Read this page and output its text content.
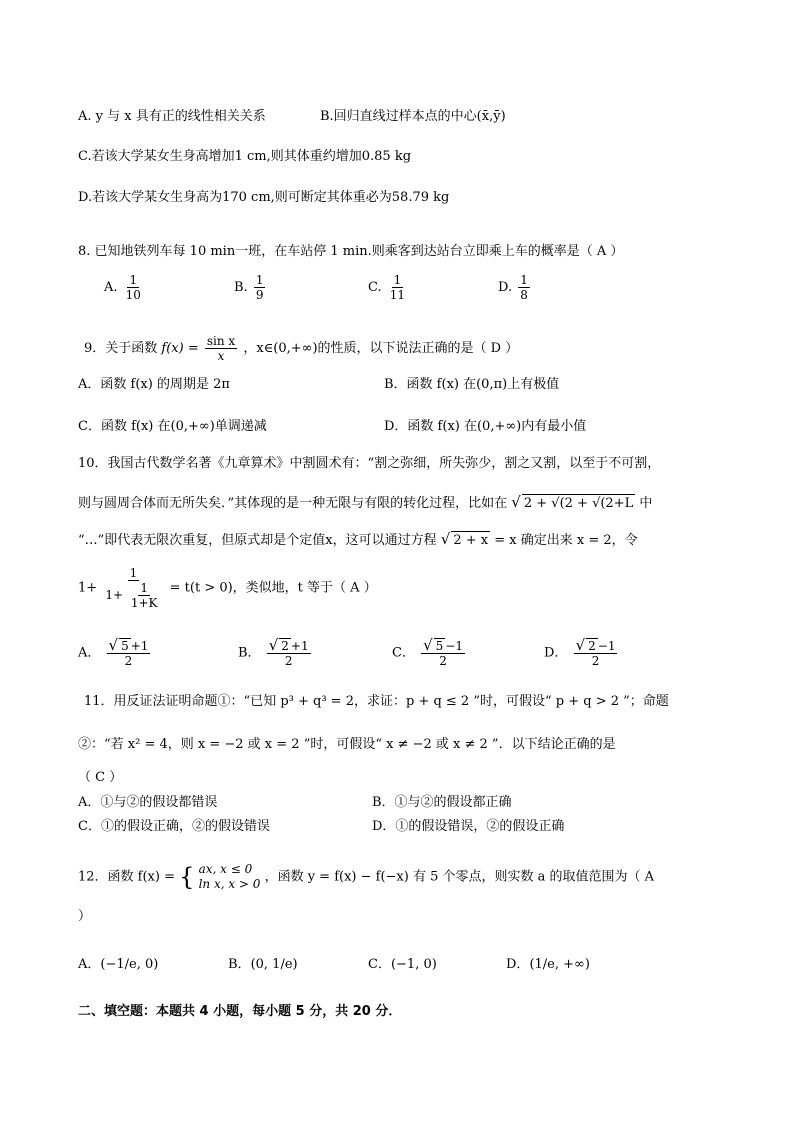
A. y 与 x 具有正的线性相关关系	B.回归直线过样本点的中心(x̄,ȳ)
C.若该大学某女生身高增加1 cm,则其体重约增加0.85 kg
D.若该大学某女生身高为170 cm,则可断定其体重必为58.79 kg
8. 已知地铁列车每 10 min一班，在车站停 1 min.则乘客到达站台立即乘上车的概率是（ A ）
A. $\frac{1}{10}$	B. $\frac{1}{9}$	C. $\frac{1}{11}$	D. $\frac{1}{8}$
9．关于函数 $f(x) = \frac{\text{sin x}}{x}$ ，x∈(0,+∞)的性质，以下说法正确的是（ D ）
A．函数 f(x) 的周期是 2π	B．函数 f(x) 在(0,π)上有极值
C．函数 f(x) 在(0,+∞)单调递减	D．函数 f(x) 在(0,+∞)内有最小值
10．我国古代数学名著《九章算术》中割圆术有：“割之弥细，所失弥少，割之又割，以至于不可割，
则与圆周合体而无所失矣．”其体现的是一种无限与有限的转化过程，比如在 √ 2 + √(2 + √(2+L 中
“…”即代表无限次重复，但原式却是个定值x，这可以通过方程 √ 2 + x = x 确定出来 x = 2，令
$1+ \frac{1}{1+ \frac{1}{1+K}} = t(t > 0)$，类似地，t 等于（ A ）
A． $\frac{√ 5 +1}{2}$	B． $\frac{√ 2 +1}{2}$	C． $\frac{√ 5 -1}{2}$	D． $\frac{√ 2 -1}{2}$
11．用反证法证明命题①：“已知 p³ + q³ = 2，求证：p + q ≤ 2 ”时，可假设“ p + q > 2 ”；命题
②：“若 x² = 4，则 x = −2 或 x = 2 ”时，可假设“ x ≠ −2 或 x ≠ 2 ”．以下结论正确的是
（ C ）
A．①与②的假设都错误	B．①与②的假设都正确
C．①的假设正确，②的假设错误	D．①的假设错误，②的假设正确
12．函数 f(x) = { ax, x ≤ 0
ln x, x > 0 ，函数 y = f(x) − f(−x) 有 5 个零点，则实数 a 的取值范围为（ A
）
A．(−1/e, 0)	B．(0, 1/e)	C．(−1, 0)	D．(1/e, +∞)
二、填空题：本题共 4 小题，每小题 5 分，共 20 分．
